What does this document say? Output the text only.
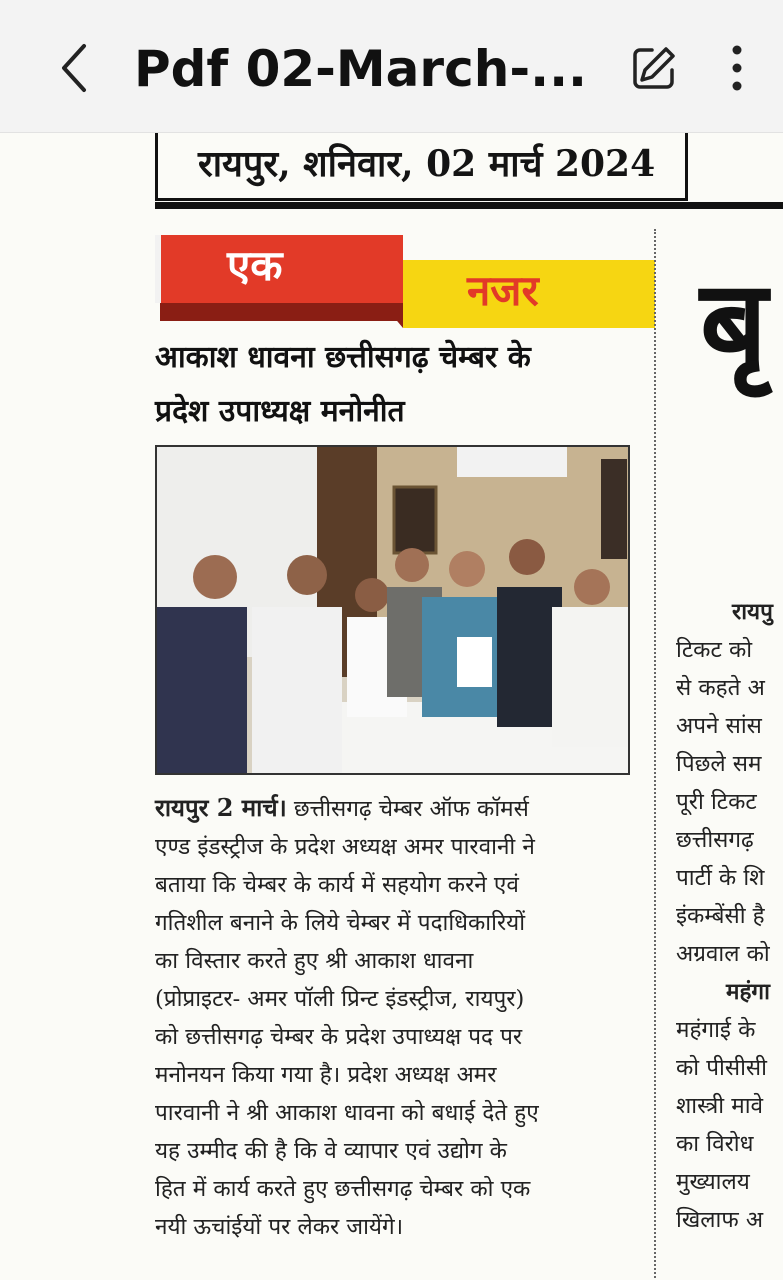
Pdf 02-March-...
रायपुर, शनिवार, 02 मार्च 2024
एक
नजर
आकाश धावना छत्तीसगढ़ चेम्बर के
प्रदेश उपाध्यक्ष मनोनीत

रायपुर 2 मार्च। छत्तीसगढ़ चेम्बर ऑफ कॉमर्स

एण्ड इंडस्ट्रीज के प्रदेश अध्यक्ष अमर पारवानी ने

बताया कि चेम्बर के कार्य में सहयोग करने एवं

गतिशील बनाने के लिये चेम्बर में पदाधिकारियों

का विस्तार करते हुए श्री आकाश धावना

(प्रोप्राइटर- अमर पॉली प्रिन्ट इंडस्ट्रीज, रायपुर)

को छत्तीसगढ़ चेम्बर के प्रदेश उपाध्यक्ष पद पर

मनोनयन किया गया है। प्रदेश अध्यक्ष अमर

पारवानी ने श्री आकाश धावना को बधाई देते हुए

यह उम्मीद की है कि वे व्यापार एवं उद्योग के

हित में कार्य करते हुए छत्तीसगढ़ चेम्बर को एक

नयी ऊचांईयों पर लेकर जायेंगे।

बृ

रायपु

टिकट को

से कहते अ

अपने सांस

पिछले सम

पूरी टिकट

छत्तीसगढ़

पार्टी के शि

इंकम्बेंसी है

अग्रवाल को

महंगा

महंगाई के

को पीसीसी

शास्त्री मावे

का विरोध

मुख्यालय

खिलाफ अ
